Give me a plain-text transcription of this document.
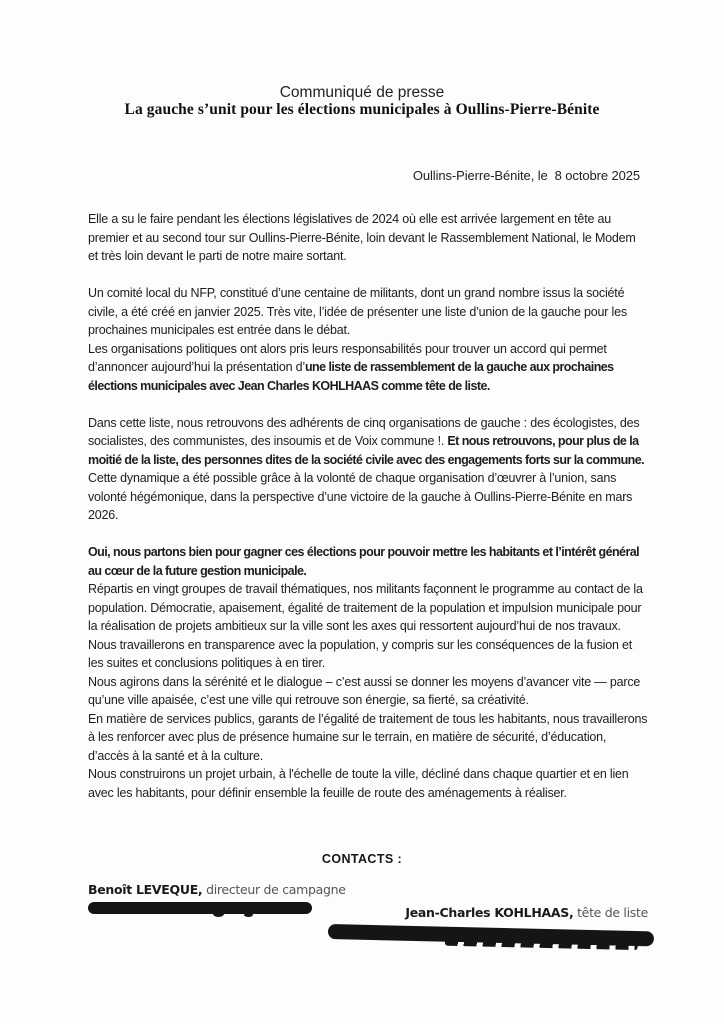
Communiqué de presse
La gauche s’unit pour les élections municipales à Oullins-Pierre-Bénite
Oullins-Pierre-Bénite, le  8 octobre 2025

Elle a su le faire pendant les élections législatives de 2024 où elle est arrivée largement en tête au premier et au second tour sur Oullins-Pierre-Bénite, loin devant le Rassemblement National, le Modem et très loin devant le parti de notre maire sortant.

Un comité local du NFP, constitué d’une centaine de militants, dont un grand nombre issus la société civile, a été créé en janvier 2025. Très vite, l’idée de présenter une liste d’union de la gauche pour les prochaines municipales est entrée dans le débat.

Les organisations politiques ont alors pris leurs responsabilités pour trouver un accord qui permet d’annoncer aujourd’hui la présentation d’une liste de rassemblement de la gauche aux prochaines élections municipales avec Jean Charles KOHLHAAS comme tête de liste.

Dans cette liste, nous retrouvons des adhérents de cinq organisations de gauche : des écologistes, des socialistes, des communistes, des insoumis et de Voix commune !. Et nous retrouvons, pour plus de la moitié de la liste, des personnes dites de la société civile avec des engagements forts sur la commune.

Cette dynamique a été possible grâce à la volonté de chaque organisation d’œuvrer à l’union, sans volonté hégémonique, dans la perspective d’une victoire de la gauche à Oullins-Pierre-Bénite en mars 2026.

Oui, nous partons bien pour gagner ces élections pour pouvoir mettre les habitants et l’intérêt général au cœur de la future gestion municipale.

Répartis en vingt groupes de travail thématiques, nos militants façonnent le programme au contact de la population. Démocratie, apaisement, égalité de traitement de la population et impulsion municipale pour la réalisation de projets ambitieux sur la ville sont les axes qui ressortent aujourd’hui de nos travaux.

Nous travaillerons en transparence avec la population, y compris sur les conséquences de la fusion et les suites et conclusions politiques à en tirer.

Nous agirons dans la sérénité et le dialogue – c’est aussi se donner les moyens d’avancer vite — parce qu’une ville apaisée, c’est une ville qui retrouve son énergie, sa fierté, sa créativité.

En matière de services publics, garants de l’égalité de traitement de tous les habitants, nous travaillerons à les renforcer avec plus de présence humaine sur le terrain, en matière de sécurité, d’éducation, d’accès à la santé et à la culture.

Nous construirons un projet urbain, à l'échelle de toute la ville, décliné dans chaque quartier et en lien avec les habitants, pour définir ensemble la feuille de route des aménagements à réaliser.

CONTACTS :
Benoît LEVEQUE, directeur de campagne
Jean-Charles KOHLHAAS, tête de liste
